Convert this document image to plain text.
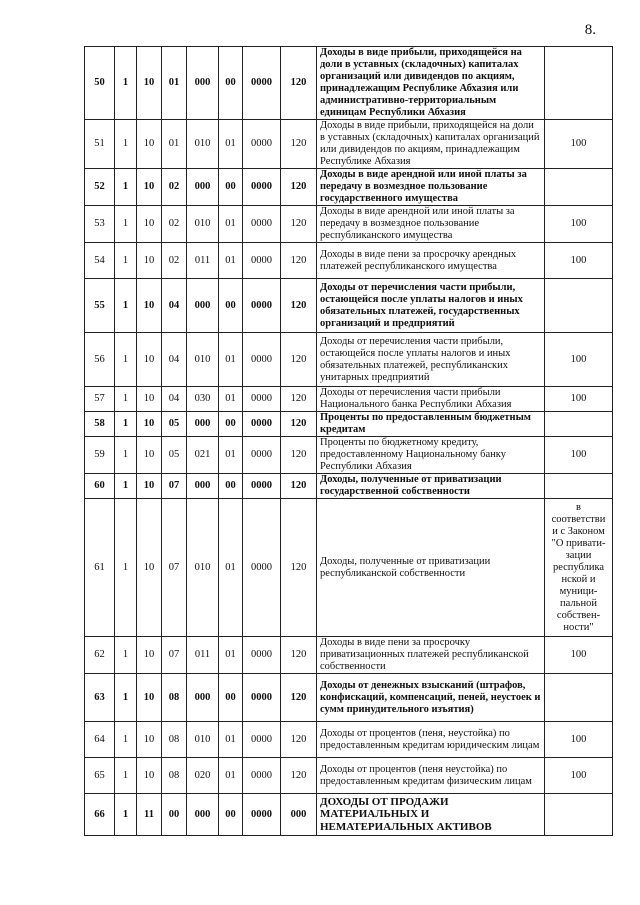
8.
50	1	10	01	000	00	0000	120	Доходы в виде прибыли, приходящейся на доли в уставных (складочных) капиталах организаций или дивидендов по акциям, принадлежащим Республике Абхазия или административно-территориальным единицам Республики Абхазия	
51	1	10	01	010	01	0000	120	Доходы в виде прибыли, приходящейся на доли в уставных (складочных) капиталах организаций или дивидендов по акциям, принадлежащим Республике Абхазия	100
52	1	10	02	000	00	0000	120	Доходы в виде арендной или иной платы за передачу в возмездное пользование государственного имущества	
53	1	10	02	010	01	0000	120	Доходы в виде арендной или иной платы за передачу в возмездное пользование республиканского имущества	100
54	1	10	02	011	01	0000	120	Доходы в виде пени за просрочку арендных платежей республиканского имущества	100
55	1	10	04	000	00	0000	120	Доходы от перечисления части прибыли, остающейся после уплаты налогов и иных обязательных платежей, государственных организаций и предприятий	
56	1	10	04	010	01	0000	120	Доходы от перечисления части прибыли, остающейся после уплаты налогов и иных обязательных платежей, республиканских унитарных предприятий	100
57	1	10	04	030	01	0000	120	Доходы от перечисления части прибыли Национального банка Республики Абхазия	100
58	1	10	05	000	00	0000	120	Проценты по предоставленным бюджетным кредитам	
59	1	10	05	021	01	0000	120	Проценты по бюджетному кредиту, предоставленному Национальному банку Республики Абхазия	100
60	1	10	07	000	00	0000	120	Доходы, полученные от приватизации государственной собственности	
61	1	10	07	010	01	0000	120	Доходы, полученные от приватизации республиканской собственности	в соответстви и с Законом "О привати-зации республика нской и муници-пальной собствен-ности"
62	1	10	07	011	01	0000	120	Доходы в виде пени за просрочку приватизационных платежей республиканской собственности	100
63	1	10	08	000	00	0000	120	Доходы от денежных взысканий (штрафов, конфискаций, компенсаций, пеней, неустоек и сумм принудительного изъятия)	
64	1	10	08	010	01	0000	120	Доходы от процентов (пеня, неустойка) по предоставленным кредитам юридическим лицам	100
65	1	10	08	020	01	0000	120	Доходы от процентов (пеня неустойка) по предоставленным кредитам физическим лицам	100
66	1	11	00	000	00	0000	000	ДОХОДЫ ОТ ПРОДАЖИ МАТЕРИАЛЬНЫХ И НЕМАТЕРИАЛЬНЫХ АКТИВОВ	
